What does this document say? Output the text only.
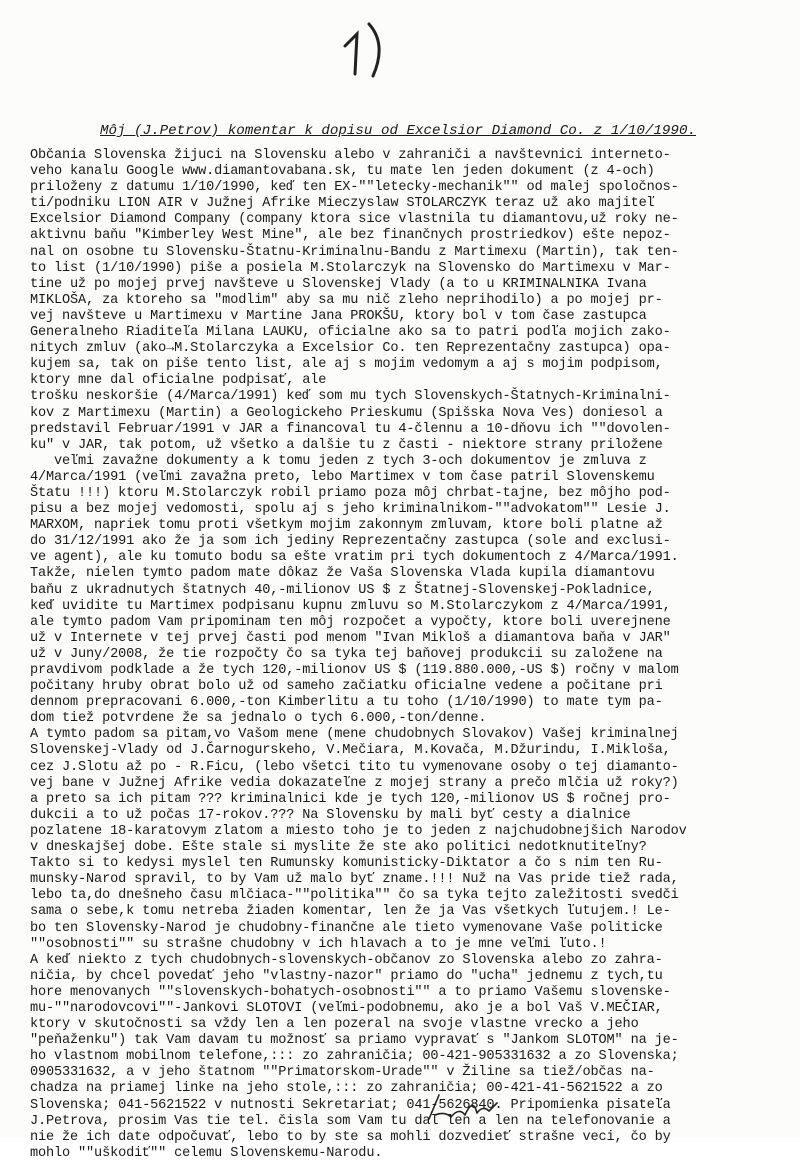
Môj (J.Petrov) komentar k dopisu od Excelsior Diamond Co. z 1/10/1990.
Občania Slovenska žijuci na Slovensku alebo v zahraniči a navštevnici interneto-
veho kanalu Google www.diamantovabana.sk, tu mate len jeden dokument (z 4-och)
priloženy z datumu 1/10/1990, keď ten EX-""letecky-mechanik"" od malej spoločnos-
ti/podniku LION AIR v Južnej Afrike Mieczyslaw STOLARCZYK teraz už ako majiteľ
Excelsior Diamond Company (company ktora sice vlastnila tu diamantovu,už roky ne-
aktivnu baňu "Kimberley West Mine", ale bez finančnych prostriedkov) ešte nepoz-
nal on osobne tu Slovensku-Štatnu-Kriminalnu-Bandu z Martimexu (Martin), tak ten-
to list (1/10/1990) piše a posiela M.Stolarczyk na Slovensko do Martimexu v Mar-
tine už po mojej prvej navšteve u Slovenskej Vlady (a to u KRIMINALNIKA Ivana
MIKLOŠA, za ktoreho sa "modlim" aby sa mu nič zleho neprihodilo) a po mojej pr-
vej navšteve u Martimexu v Martine Jana PROKŠU, ktory bol v tom čase zastupca
Generalneho Riaditeľa Milana LAUKU, oficialne ako sa to patri podľa mojich zako-
nitych zmluv (ako→M.Stolarczyka a Excelsior Co. ten Reprezentačny zastupca) opa-
kujem sa, tak on piše tento list, ale aj s mojim vedomym a aj s mojim podpisom,
ktory mne dal oficialne podpisať, ale
trošku neskoršie (4/Marca/1991) keď som mu tych Slovenskych-Štatnych-Kriminalni-
kov z Martimexu (Martin) a Geologickeho Prieskumu (Spišska Nova Ves) doniesol a
predstavil Februar/1991 v JAR a financoval tu 4-člennu a 10-dňovu ich ""dovolen-
ku" v JAR, tak potom, už všetko a dalšie tu z časti - niektore strany priložene
veľmi zavažne dokumenty a k tomu jeden z tych 3-och dokumentov je zmluva z
4/Marca/1991 (veľmi zavažna preto, lebo Martimex v tom čase patril Slovenskemu
Štatu !!!) ktoru M.Stolarczyk robil priamo poza môj chrbat-tajne, bez môjho pod-
pisu a bez mojej vedomosti, spolu aj s jeho kriminalnikom-""advokatom"" Lesie J.
MARXOM, napriek tomu proti všetkym mojim zakonnym zmluvam, ktore boli platne až
do 31/12/1991 ako že ja som ich jediny Reprezentačny zastupca (sole and exclusi-
ve agent), ale ku tomuto bodu sa ešte vratim pri tych dokumentoch z 4/Marca/1991.
Takže, nielen tymto padom mate dôkaz že Vaša Slovenska Vlada kupila diamantovu
baňu z ukradnutych štatnych 40,-milionov US $ z Štatnej-Slovenskej-Pokladnice,
keď uvidite tu Martimex podpisanu kupnu zmluvu so M.Stolarczykom z 4/Marca/1991,
ale tymto padom Vam pripominam ten môj rozpočet a vypočty, ktore boli uverejnene
už v Internete v tej prvej časti pod menom "Ivan Mikloš a diamantova baňa v JAR"
už v Juny/2008, že tie rozpočty čo sa tyka tej baňovej produkcii su založene na
pravdivom podklade a že tych 120,-milionov US $ (119.880.000,-US $) ročny v malom
počitany hruby obrat bolo už od sameho začiatku oficialne vedene a počitane pri
dennom prepracovani 6.000,-ton Kimberlitu a tu toho (1/10/1990) to mate tym pa-
dom tiež potvrdene že sa jednalo o tych 6.000,-ton/denne.
A tymto padom sa pitam,vo Vašom mene (mene chudobnych Slovakov) Vašej kriminalnej
Slovenskej-Vlady od J.Čarnogurskeho, V.Mečiara, M.Kovača, M.Džurindu, I.Mikloša,
cez J.Slotu až po - R.Ficu, (lebo všetci tito tu vymenovane osoby o tej diamanto-
vej bane v Južnej Afrike vedia dokazateľne z mojej strany a prečo mlčia už roky?)
a preto sa ich pitam ??? kriminalnici kde je tych 120,-milionov US $ ročnej pro-
dukcii a to už počas 17-rokov.??? Na Slovensku by mali byť cesty a dialnice
pozlatene 18-karatovym zlatom a miesto toho je to jeden z najchudobnejšich Narodov
v dneskajšej dobe. Ešte stale si myslite že ste ako politici nedotknutiteľny?
Takto si to kedysi myslel ten Rumunsky komunisticky-Diktator a čo s nim ten Ru-
munsky-Narod spravil, to by Vam už malo byť zname.!!! Nuž na Vas pride tiež rada,
lebo ta,do dnešneho času mlčiaca-""politika"" čo sa tyka tejto zaležitosti svedči
sama o sebe,k tomu netreba žiaden komentar, len že ja Vas všetkych ľutujem.! Le-
bo ten Slovensky-Narod je chudobny-finančne ale tieto vymenovane Vaše politicke
""osobnosti"" su strašne chudobny v ich hlavach a to je mne veľmi ľuto.!
A keď niekto z tych chudobnych-slovenskych-občanov zo Slovenska alebo zo zahra-
ničia, by chcel povedať jeho "vlastny-nazor" priamo do "ucha" jednemu z tych,tu
hore menovanych ""slovenskych-bohatych-osobnosti"" a to priamo Vašemu slovenske-
mu-""narodovcovi""-Jankovi SLOTOVI (veľmi-podobnemu, ako je a bol Vaš V.MEČIAR,
ktory v skutočnosti sa vždy len a len pozeral na svoje vlastne vrecko a jeho
"peňaženku") tak Vam davam tu možnosť sa priamo vypravať s "Jankom SLOTOM" na je-
ho vlastnom mobilnom telefone,::: zo zahraničia; 00-421-905331632 a zo Slovenska;
0905331632, a v jeho štatnom ""Primatorskom-Urade"" v Žiline sa tiež/občas na-
chadza na priamej linke na jeho stole,::: zo zahraničia; 00-421-41-5621522 a zo
Slovenska; 041-5621522 v nutnosti Sekretariat; 041-5626840. Pripomienka pisateľa
J.Petrova, prosim Vas tie tel. čisla som Vam tu dal len a len na telefonovanie a
nie že ich date odpočuvať, lebo to by ste sa mohli dozvedieť strašne veci, čo by
mohlo ""uškodiť"" celemu Slovenskemu-Narodu.
